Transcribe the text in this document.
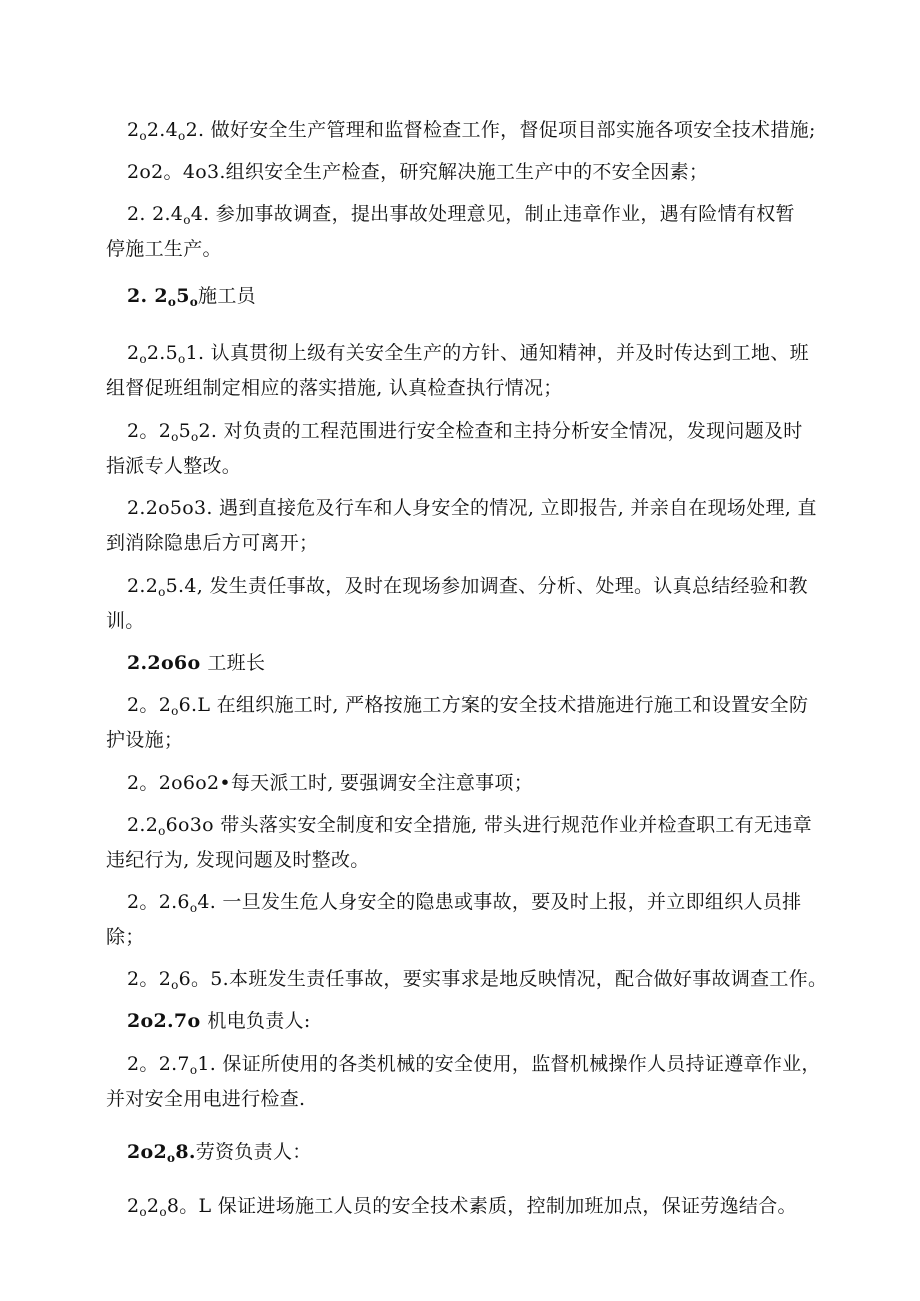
$2_o2.4_o2$. 做好安全生产管理和监督检查工作，督促项目部实施各项安全技术措施;
2o2。4o3.组织安全生产检查，研究解决施工生产中的不安全因素；
2. $2.4_o4$. 参加事故调查，提出事故处理意见，制止违章作业，遇有险情有权暂
停施工生产。
2. $2_o5_o$施工员
$2_o2.5_o1$. 认真贯彻上级有关安全生产的方针、通知精神，并及时传达到工地、班
组督促班组制定相应的落实措施, 认真检查执行情况；
2。$2_o5_o2$. 对负责的工程范围进行安全检查和主持分析安全情况，发现问题及时
指派专人整改。
2.2o5o3. 遇到直接危及行车和人身安全的情况, 立即报告, 并亲自在现场处理, 直
到消除隐患后方可离开；
$2.2_o5.4$, 发生责任事故，及时在现场参加调查、分析、处理。认真总结经验和教
训。
2.2o6o 工班长
2。$2_o6.L$ 在组织施工时, 严格按施工方案的安全技术措施进行施工和设置安全防
护设施；
2。2o6o2•每天派工时, 要强调安全注意事项；
$2.2_o6o3o$ 带头落实安全制度和安全措施, 带头进行规范作业并检查职工有无违章
违纪行为, 发现问题及时整改。
2。$2.6_o4$. 一旦发生危人身安全的隐患或事故，要及时上报，并立即组织人员排
除；
2。$2_o6$。5.本班发生责任事故，要实事求是地反映情况，配合做好事故调查工作。
2o2.7o 机电负责人:
2。$2.7_o1$. 保证所使用的各类机械的安全使用，监督机械操作人员持证遵章作业，
并对安全用电进行检查.
$2o2_o8$.劳资负责人：
$2_o2_o8$。L 保证进场施工人员的安全技术素质，控制加班加点，保证劳逸结合。
